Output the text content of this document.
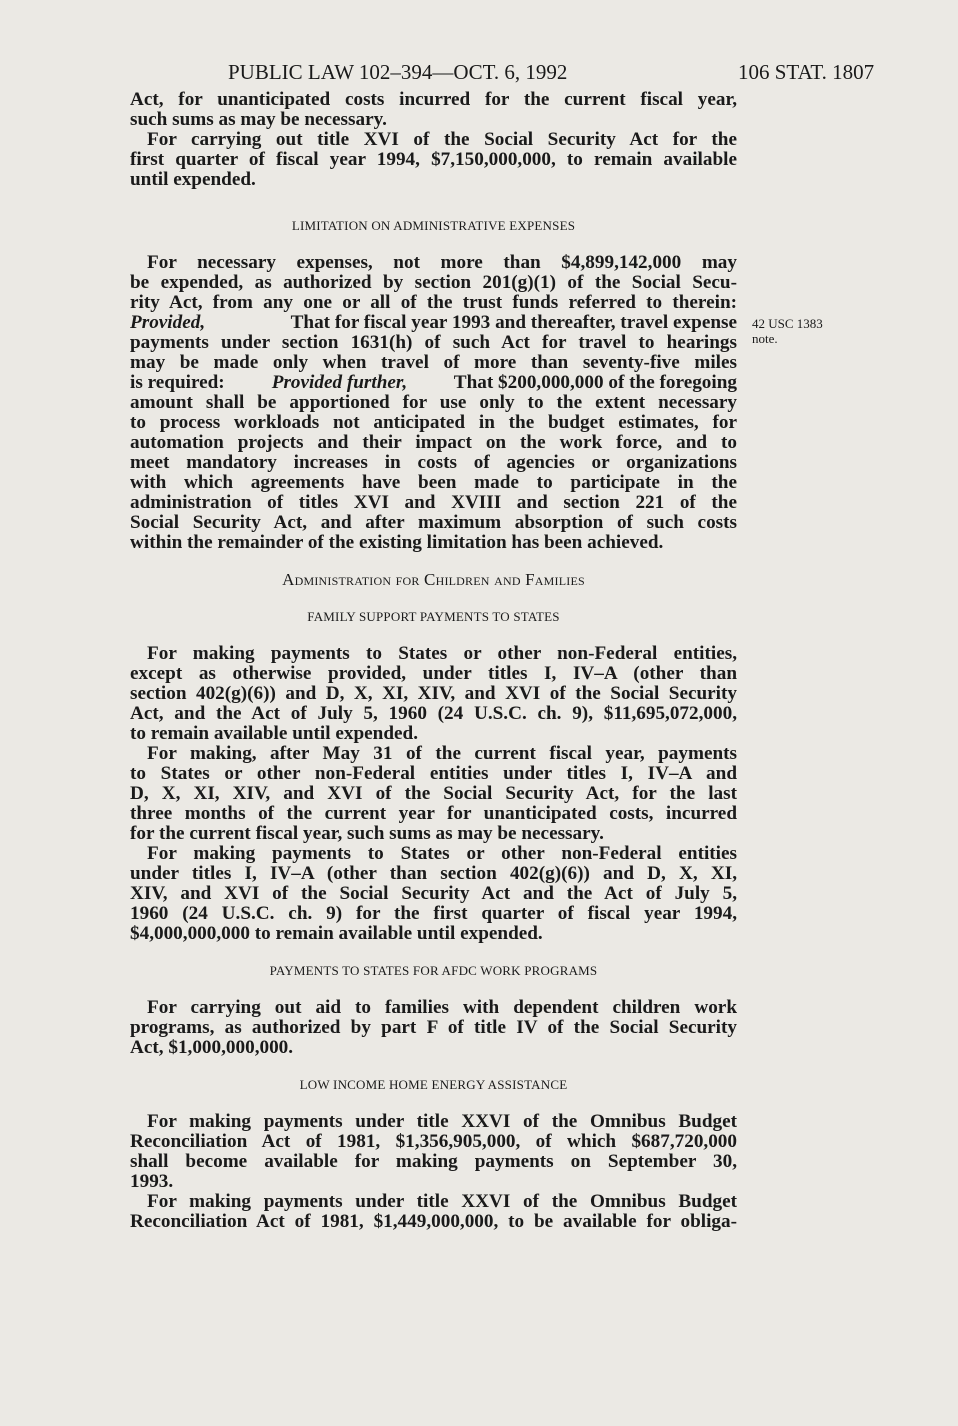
PUBLIC LAW 102–394—OCT. 6, 1992	106 STAT. 1807
Act, for unanticipated costs incurred for the current fiscal year,
such sums as may be necessary.
For carrying out title XVI of the Social Security Act for the
first quarter of fiscal year 1994, $7,150,000,000, to remain available
until expended.
LIMITATION ON ADMINISTRATIVE EXPENSES
For necessary expenses, not more than $4,899,142,000 may
be expended, as authorized by section 201(g)(1) of the Social Secu-
rity Act, from any one or all of the trust funds referred to therein:
Provided,	That for fiscal year 1993 and thereafter, travel expense
payments under section 1631(h) of such Act for travel to hearings
may be made only when travel of more than seventy-five miles
is required: Provided further, That $200,000,000 of the foregoing
amount shall be apportioned for use only to the extent necessary
to process workloads not anticipated in the budget estimates, for
automation projects and their impact on the work force, and to
meet mandatory increases in costs of agencies or organizations
with which agreements have been made to participate in the
administration of titles XVI and XVIII and section 221 of the
Social Security Act, and after maximum absorption of such costs
within the remainder of the existing limitation has been achieved.
Administration for Children and Families
FAMILY SUPPORT PAYMENTS TO STATES
For making payments to States or other non-Federal entities,
except as otherwise provided, under titles I, IV–A (other than
section 402(g)(6)) and D, X, XI, XIV, and XVI of the Social Security
Act, and the Act of July 5, 1960 (24 U.S.C. ch. 9), $11,695,072,000,
to remain available until expended.
For making, after May 31 of the current fiscal year, payments
to States or other non-Federal entities under titles I, IV–A and
D, X, XI, XIV, and XVI of the Social Security Act, for the last
three months of the current year for unanticipated costs, incurred
for the current fiscal year, such sums as may be necessary.
For making payments to States or other non-Federal entities
under titles I, IV–A (other than section 402(g)(6)) and D, X, XI,
XIV, and XVI of the Social Security Act and the Act of July 5,
1960 (24 U.S.C. ch. 9) for the first quarter of fiscal year 1994,
$4,000,000,000 to remain available until expended.
PAYMENTS TO STATES FOR AFDC WORK PROGRAMS
For carrying out aid to families with dependent children work
programs, as authorized by part F of title IV of the Social Security
Act, $1,000,000,000.
LOW INCOME HOME ENERGY ASSISTANCE
For making payments under title XXVI of the Omnibus Budget
Reconciliation Act of 1981, $1,356,905,000, of which $687,720,000
shall become available for making payments on September 30,
1993.
For making payments under title XXVI of the Omnibus Budget
Reconciliation Act of 1981, $1,449,000,000, to be available for obliga-
42 USC 1383
note.
